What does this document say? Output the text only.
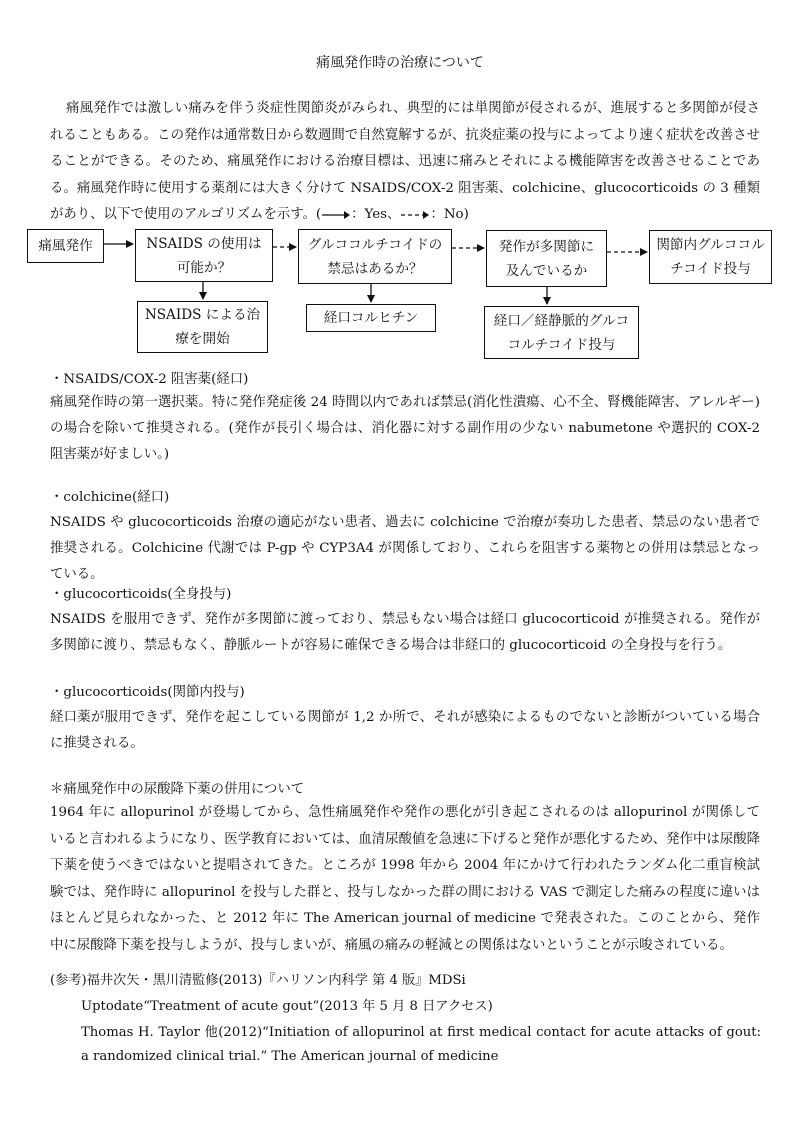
痛風発作時の治療について

痛風発作では激しい痛みを伴う炎症性関節炎がみられ、典型的には単関節が侵されるが、進展すると多関節が侵されることもある。この発作は通常数日から数週間で自然寛解するが、抗炎症薬の投与によってより速く症状を改善させることができる。そのため、痛風発作における治療目標は、迅速に痛みとそれによる機能障害を改善させることである。痛風発作時に使用する薬剤には大きく分けて NSAIDS/COX-2 阻害薬、colchicine、glucocorticoids の 3 種類があり、以下で使用のアルゴリズムを示す。( ：Yes、 ：No)

痛風発作	NSAIDS の使用は可能か？
グルココルチコイドの禁忌はあるか？
発作が多関節に及んでいるか
関節内グルココルチコイド投与
NSAIDS による治療を開始
経口コルヒチン	経口／経静脈的グルココルチコイド投与

・NSAIDS/COX-2 阻害薬(経口)

痛風発作時の第一選択薬。特に発作発症後 24 時間以内であれば禁忌(消化性潰瘍、心不全、腎機能障害、アレルギー)の場合を除いて推奨される。(発作が長引く場合は、消化器に対する副作用の少ない nabumetone や選択的 COX-2 阻害薬が好ましい。)

・colchicine(経口)

NSAIDS や glucocorticoids 治療の適応がない患者、過去に colchicine で治療が奏功した患者、禁忌のない患者で推奨される。Colchicine 代謝では P-gp や CYP3A4 が関係しており、これらを阻害する薬物との併用は禁忌となっている。

・glucocorticoids(全身投与)

NSAIDS を服用できず、発作が多関節に渡っており、禁忌もない場合は経口 glucocorticoid が推奨される。発作が多関節に渡り、禁忌もなく、静脈ルートが容易に確保できる場合は非経口的 glucocorticoid の全身投与を行う。

・glucocorticoids(関節内投与)

経口薬が服用できず、発作を起こしている関節が 1,2 か所で、それが感染によるものでないと診断がついている場合に推奨される。

＊痛風発作中の尿酸降下薬の併用について

1964 年に allopurinol が登場してから、急性痛風発作や発作の悪化が引き起こされるのは allopurinol が関係していると言われるようになり、医学教育においては、血清尿酸値を急速に下げると発作が悪化するため、発作中は尿酸降下薬を使うべきではないと提唱されてきた。ところが 1998 年から 2004 年にかけて行われたランダム化二重盲検試験では、発作時に allopurinol を投与した群と、投与しなかった群の間における VAS で測定した痛みの程度に違いはほとんど見られなかった、と 2012 年に The American journal of medicine で発表された。このことから、発作中に尿酸降下薬を投与しようが、投与しまいが、痛風の痛みの軽減との関係はないということが示唆されている。

(参考)福井次矢・黒川清監修(2013)『ハリソン内科学 第 4 版』MDSi

Uptodate“Treatment of acute gout”(2013 年 5 月 8 日アクセス)

Thomas H. Taylor 他(2012)“Initiation of allopurinol at first medical contact for acute attacks of gout: a randomized clinical trial.” The American journal of medicine
